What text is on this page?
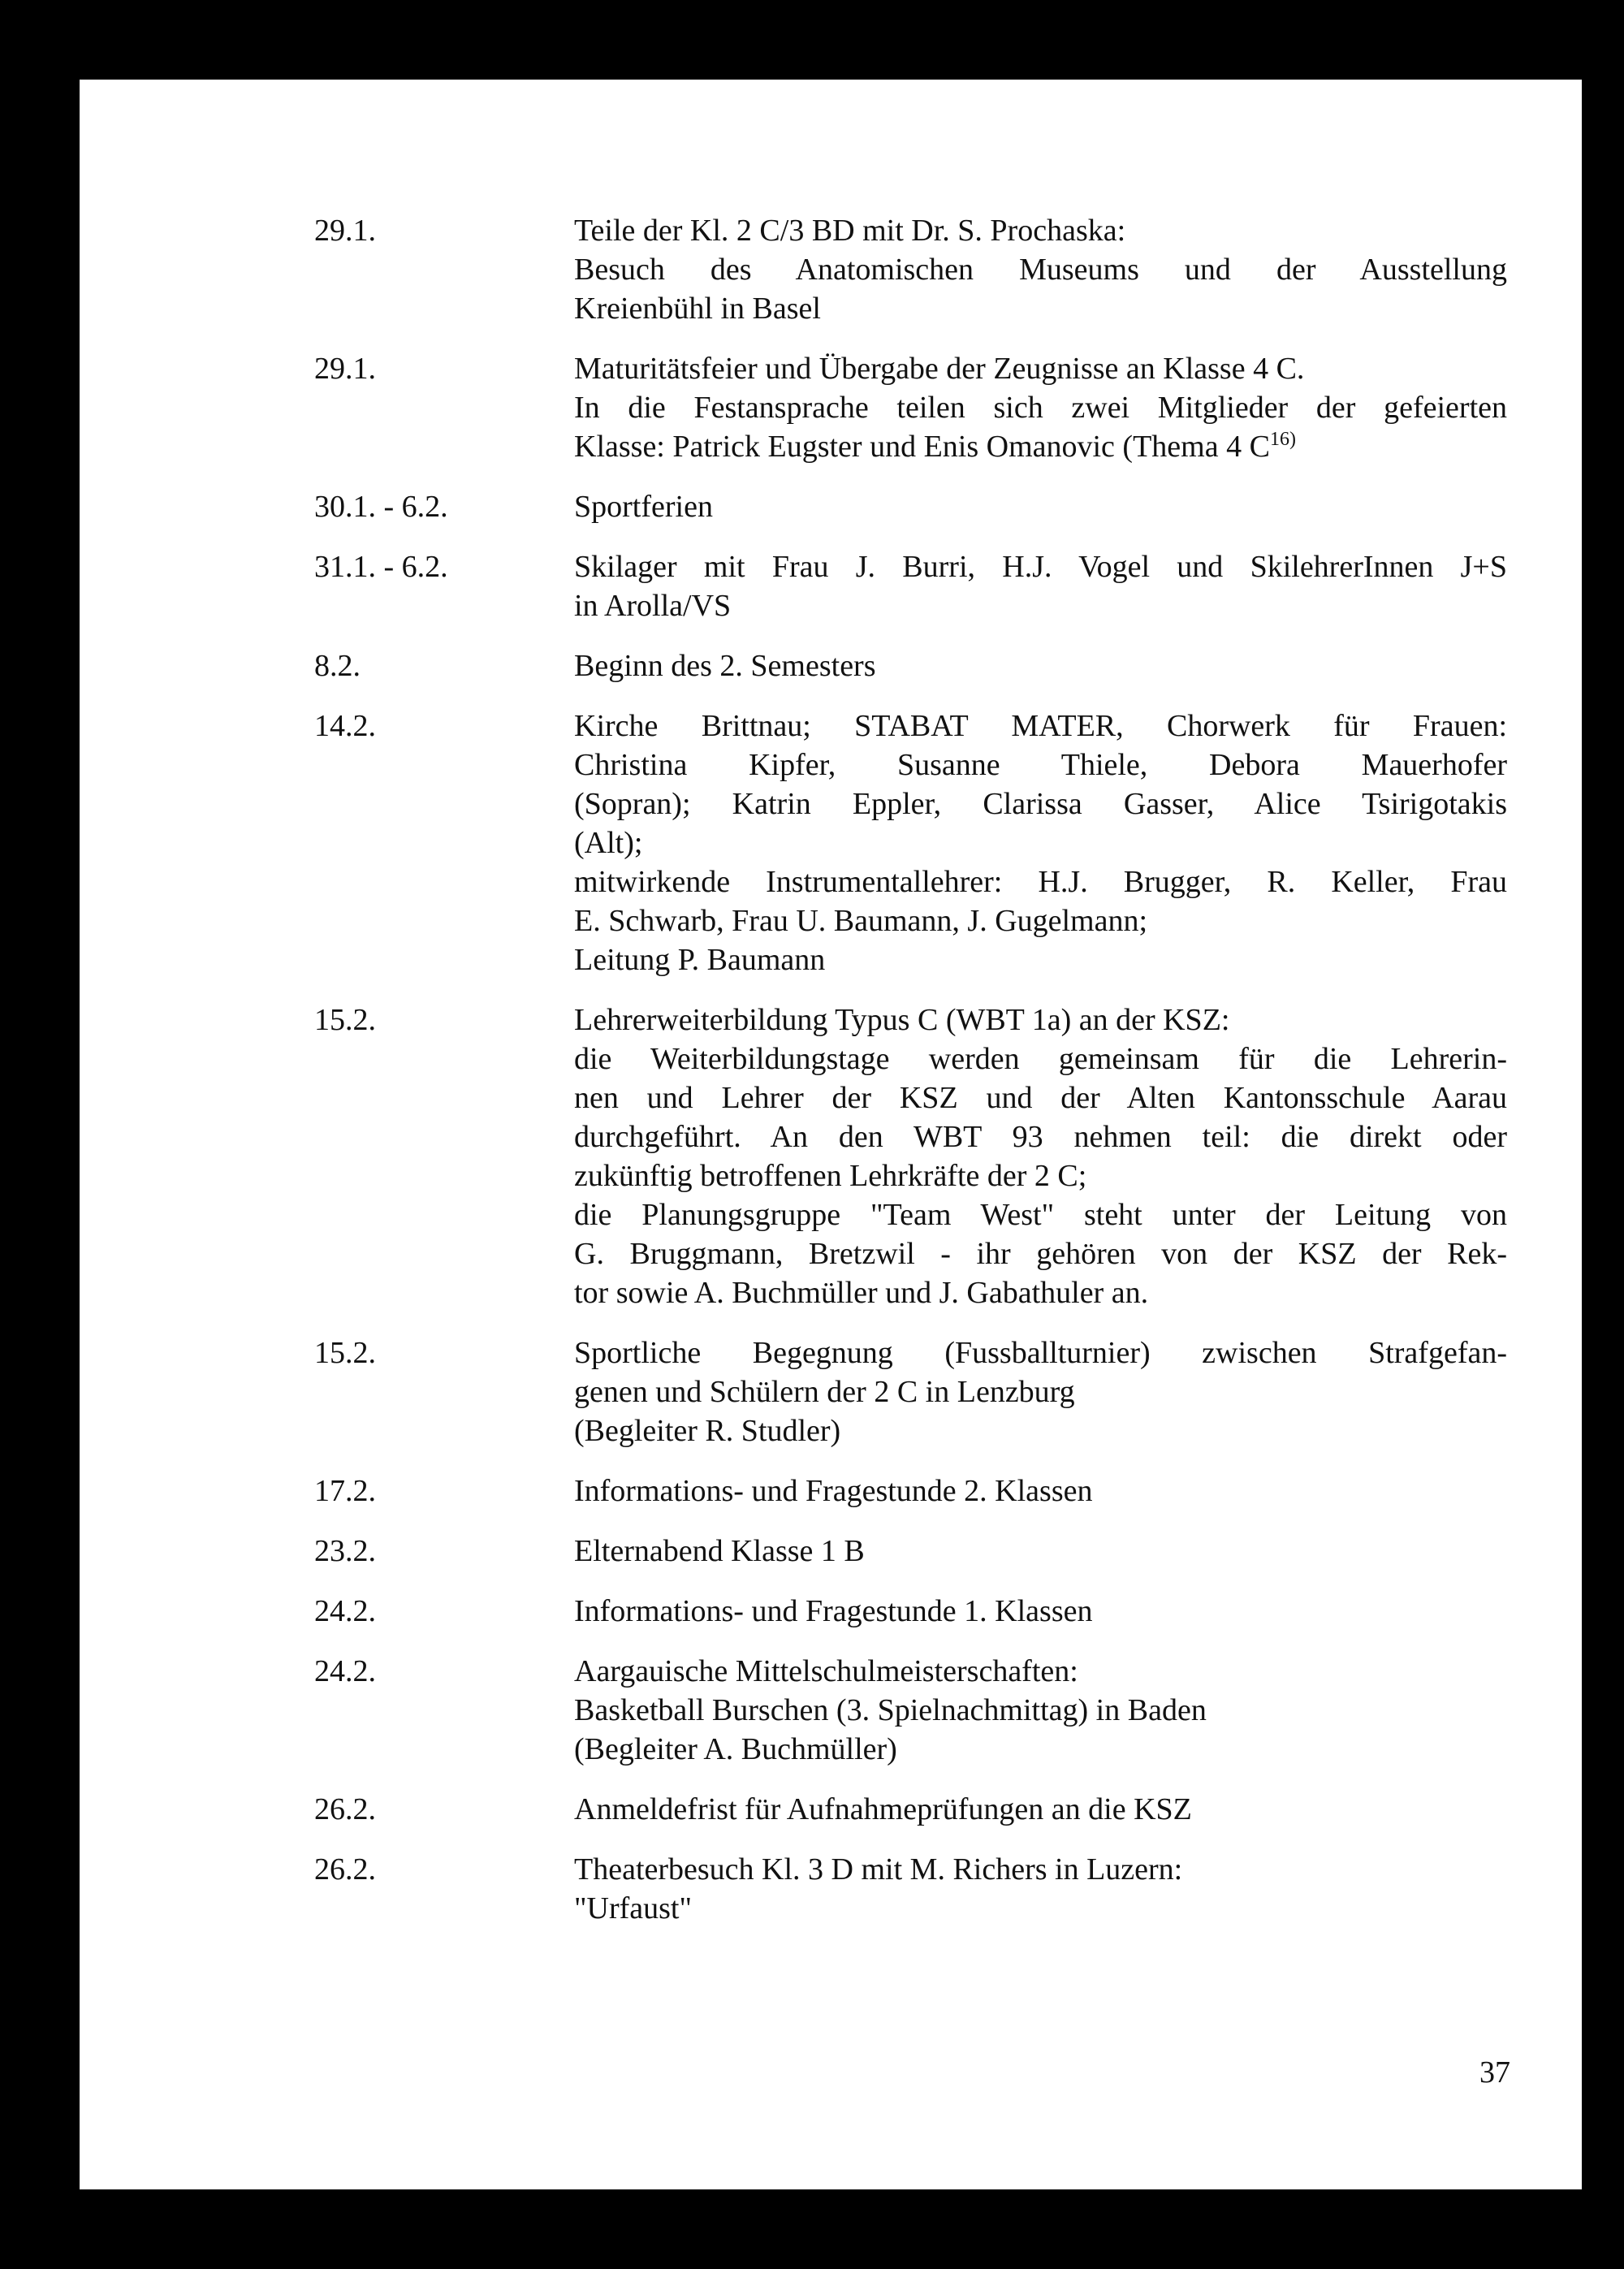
29.1.	Teile der Kl. 2 C/3 BD mit Dr. S. Prochaska:
Besuch des Anatomischen Museums und der Ausstellung
Kreienbühl in Basel
29.1.	Maturitätsfeier und Übergabe der Zeugnisse an Klasse 4 C.
In die Festansprache teilen sich zwei Mitglieder der gefeierten
Klasse: Patrick Eugster und Enis Omanovic (Thema 4 $C^{16)}$
30.1. - 6.2.	Sportferien
31.1. - 6.2.	Skilager mit Frau J. Burri, H.J. Vogel und SkilehrerInnen J+S
in Arolla/VS
8.2.	Beginn des 2. Semesters
14.2.	Kirche Brittnau; STABAT MATER, Chorwerk für Frauen:
Christina Kipfer, Susanne Thiele, Debora Mauerhofer
(Sopran); Katrin Eppler, Clarissa Gasser, Alice Tsirigotakis
(Alt);
mitwirkende Instrumentallehrer: H.J. Brugger, R. Keller, Frau
E. Schwarb, Frau U. Baumann, J. Gugelmann;
Leitung P. Baumann
15.2.	Lehrerweiterbildung Typus C (WBT 1a) an der KSZ:
die Weiterbildungstage werden gemeinsam für die Lehrerin-
nen und Lehrer der KSZ und der Alten Kantonsschule Aarau
durchgeführt. An den WBT 93 nehmen teil: die direkt oder
zukünftig betroffenen Lehrkräfte der 2 C;
die Planungsgruppe "Team West" steht unter der Leitung von
G. Bruggmann, Bretzwil - ihr gehören von der KSZ der Rek-
tor sowie A. Buchmüller und J. Gabathuler an.
15.2.	Sportliche Begegnung (Fussballturnier) zwischen Strafgefan-
genen und Schülern der 2 C in Lenzburg
(Begleiter R. Studler)
17.2.	Informations- und Fragestunde 2. Klassen
23.2.	Elternabend Klasse 1 B
24.2.	Informations- und Fragestunde 1. Klassen
24.2.	Aargauische Mittelschulmeisterschaften:
Basketball Burschen (3. Spielnachmittag) in Baden
(Begleiter A. Buchmüller)
26.2.	Anmeldefrist für Aufnahmeprüfungen an die KSZ
26.2.	Theaterbesuch Kl. 3 D mit M. Richers in Luzern:
"Urfaust"
37
